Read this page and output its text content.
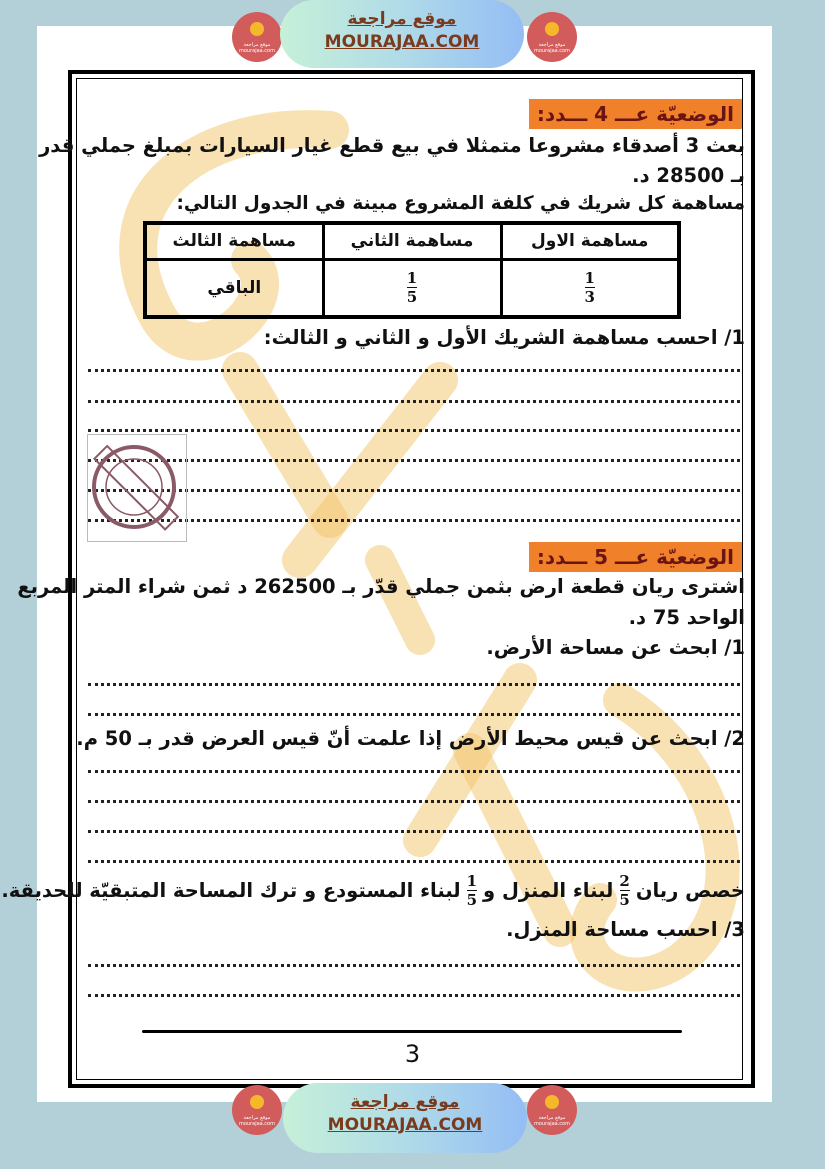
موقع مراجعة mourajaa.com
موقع مراجعة
MOURAJAA.COM	موقع مراجعة mourajaa.com
الوضعيّة عـــ 4 ـــدد:
بعث 3 أصدقاء مشروعا متمثلا في بيع قطع غيار السيارات بمبلغ جملي قدر
بـ 28500 د.
مساهمة كل شريك في كلفة المشروع مبينة في الجدول التالي:
مساهمة الاول	مساهمة الثاني	مساهمة الثالث

$\frac{1}{3}$	$\frac{1}{5}$	الباقي
1/ احسب مساهمة الشريك الأول و الثاني و الثالث:
الوضعيّة عـــ 5 ـــدد:
اشترى ريان قطعة ارض بثمن جملي قدّر بـ 262500 د ثمن شراء المتر المربع
الواحد 75 د.
1/ ابحث عن مساحة الأرض.
2/ ابحث عن قيس محيط الأرض إذا علمت أنّ قيس العرض قدر بـ 50 م.
خصص ريان
$\frac{2}{5}$
لبناء المنزل و
$\frac{1}{5}$
لبناء المستودع و ترك المساحة المتبقيّة للحديقة.
3/ احسب مساحة المنزل.
3
موقع مراجعة mourajaa.com
موقع مراجعة
MOURAJAA.COM	موقع مراجعة mourajaa.com
